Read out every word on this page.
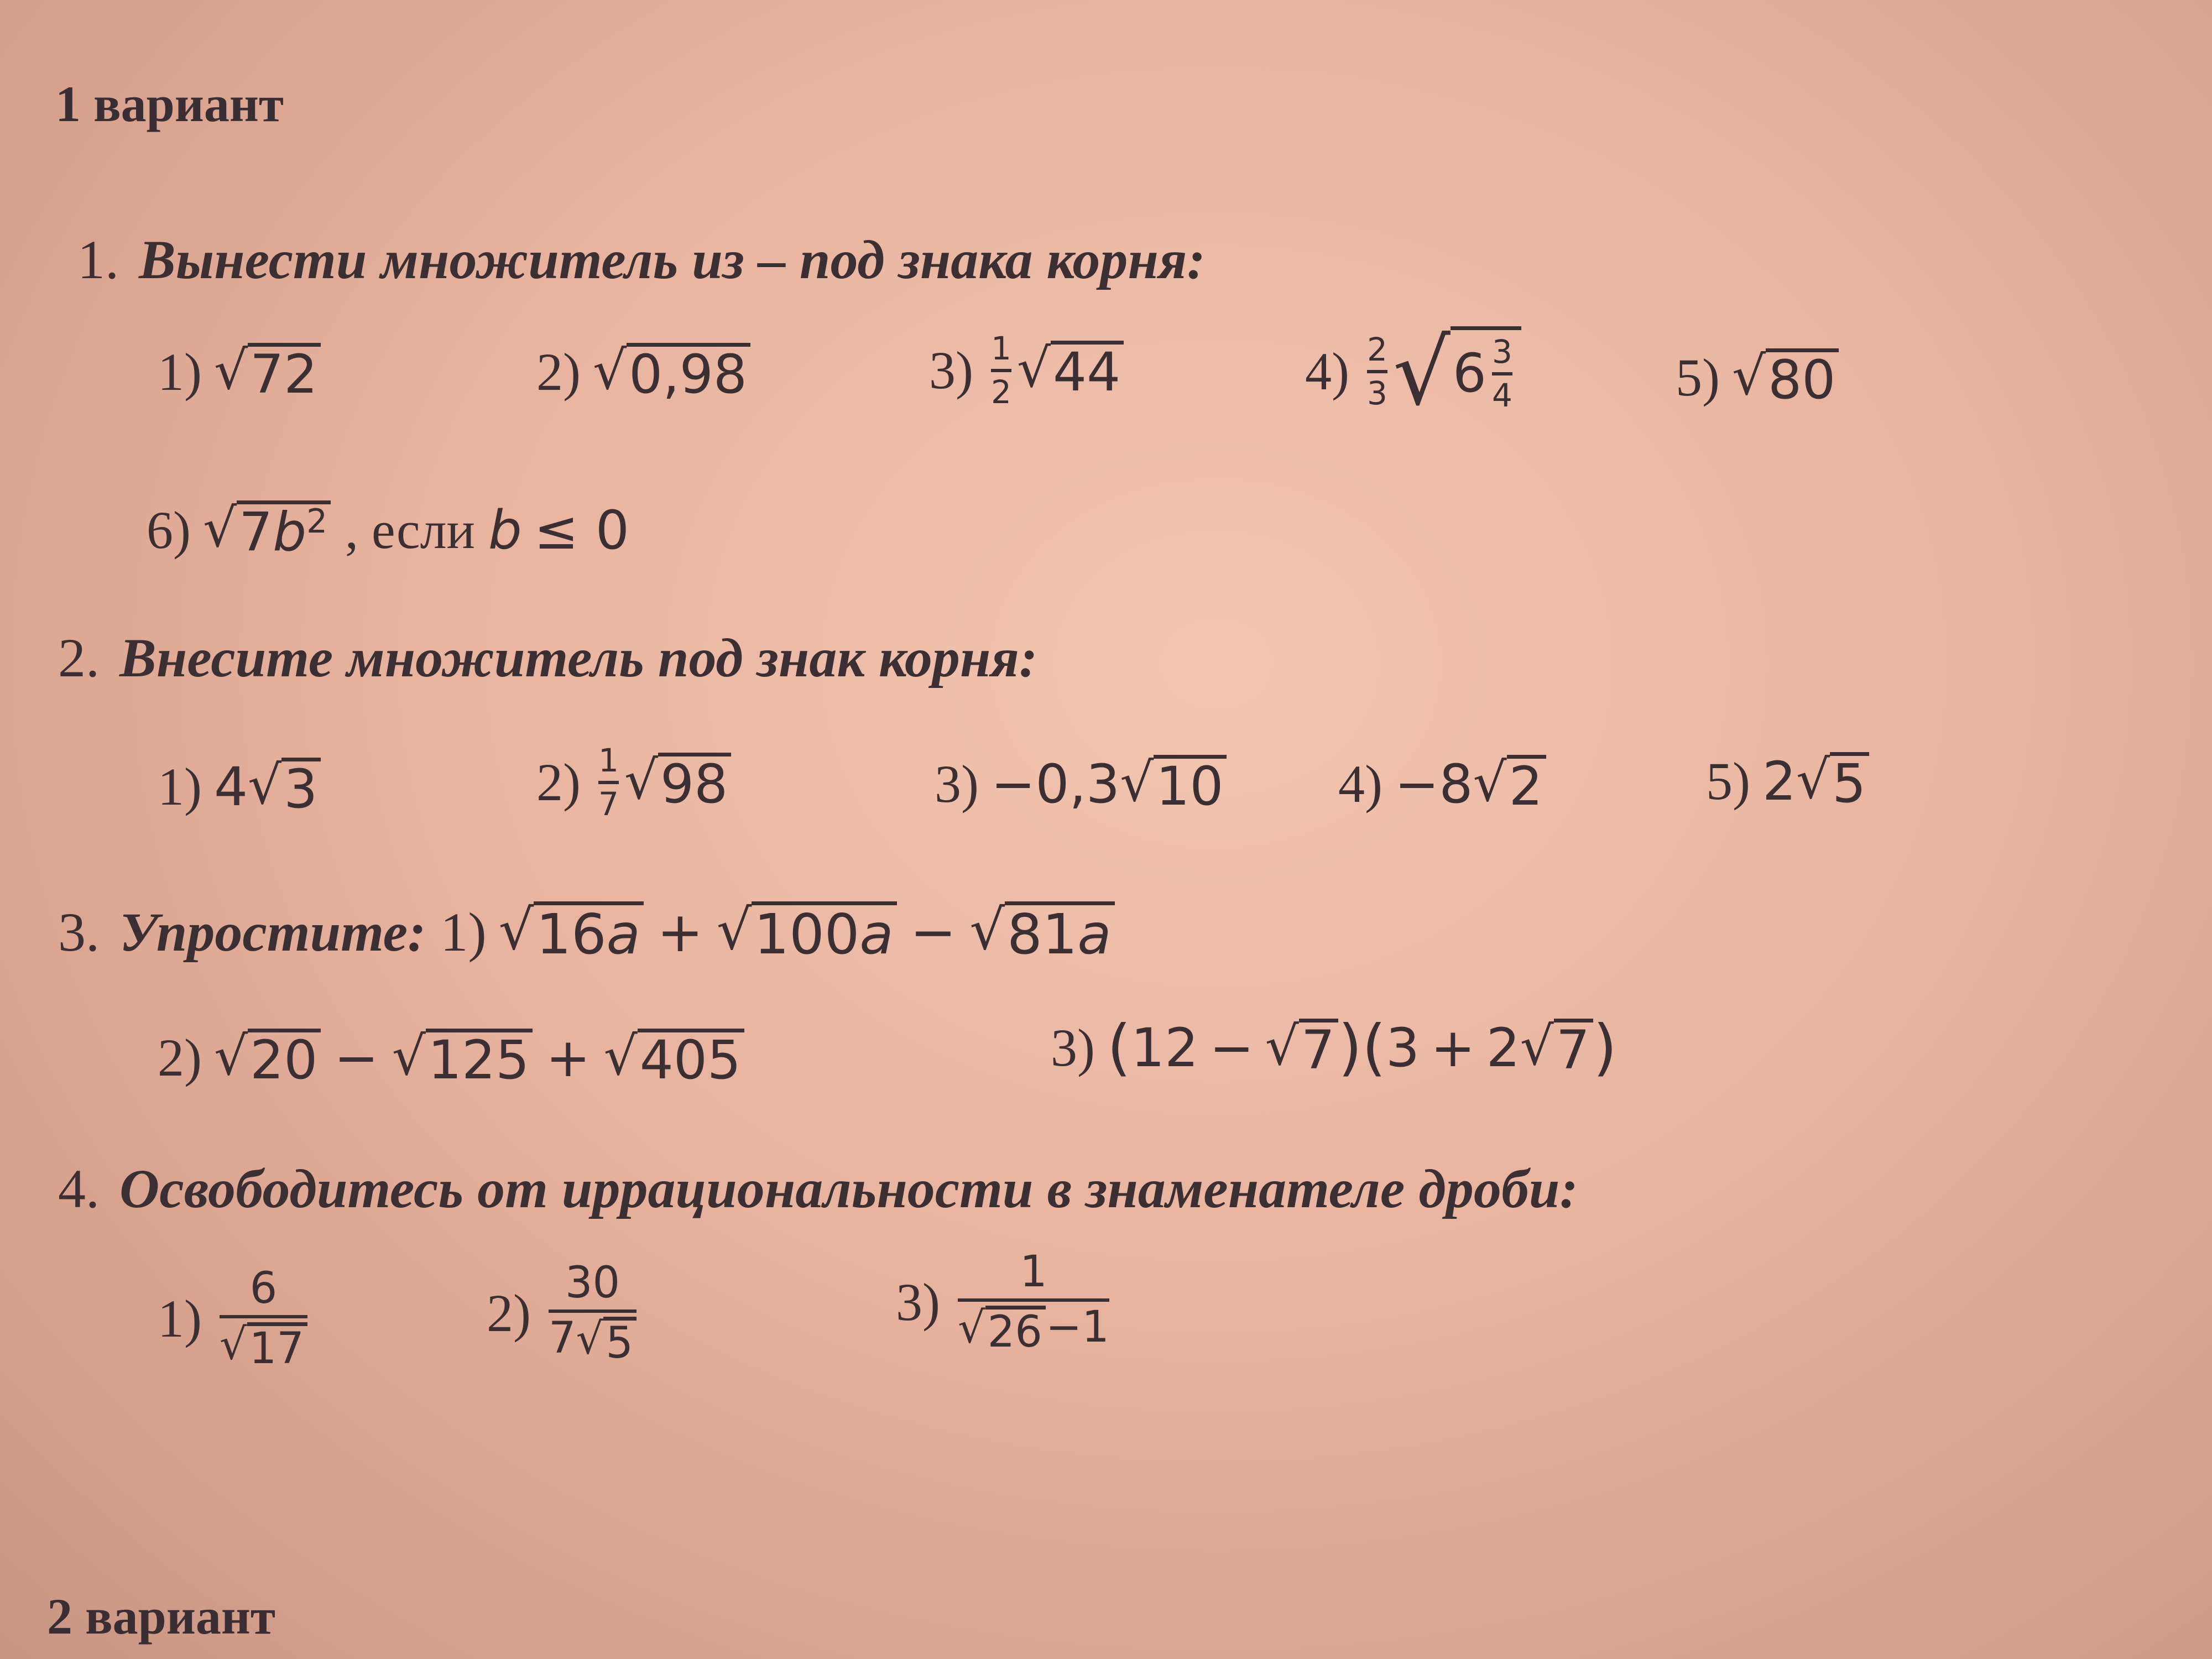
1 вариант
1. Вынести множитель из – под знака корня:
1) √ 72	2) √ 0,98	3) 1
2 √ 44	4) 2
3 √ 6 3
4	5) √ 80
6) √ $7b^2$ , если b ≤ 0
2. Внесите множитель под знак корня:
1) 4 √ 3	2) 1
7 √ 98	3) −0,3 √ 10 4) −8 √ 2	5) 2 √ 5
3. Упростите: 1) √ 16a + √ 100a − √ 81a
2) √ 20 − √ 125 + √ 405	3) ( 12 − √ 7 ) ( 3 + 2 √ 7 )
4. Освободитесь от иррациональности в знаменателе дроби:
1)
6
√ 17
2)
30
7 √ 5
3)
1
√ 26 −1
2 вариант
